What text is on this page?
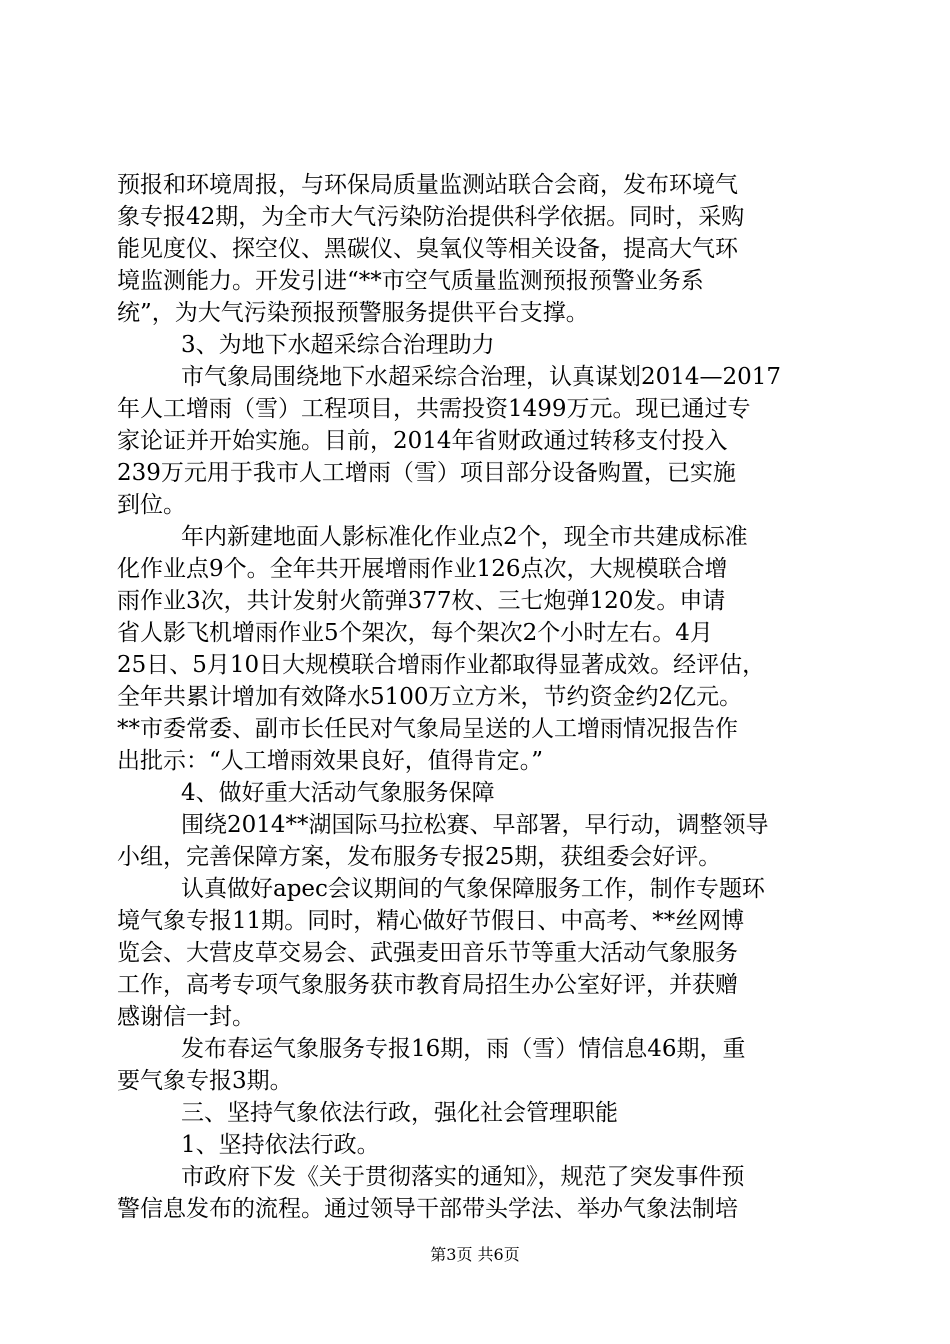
预报和环境周报，与环保局质量监测站联合会商，发布环境气
象专报42期，为全市大气污染防治提供科学依据。同时，采购
能见度仪、探空仪、黑碳仪、臭氧仪等相关设备，提高大气环
境监测能力。开发引进“**市空气质量监测预报预警业务系
统”，为大气污染预报预警服务提供平台支撑。
3、为地下水超采综合治理助力
市气象局围绕地下水超采综合治理，认真谋划2014—2017
年人工增雨（雪）工程项目，共需投资1499万元。现已通过专
家论证并开始实施。目前，2014年省财政通过转移支付投入
239万元用于我市人工增雨（雪）项目部分设备购置，已实施
到位。
年内新建地面人影标准化作业点2个，现全市共建成标准
化作业点9个。全年共开展增雨作业126点次，大规模联合增
雨作业3次，共计发射火箭弹377枚、三七炮弹120发。申请
省人影飞机增雨作业5个架次，每个架次2个小时左右。4月
25日、5月10日大规模联合增雨作业都取得显著成效。经评估，
全年共累计增加有效降水5100万立方米，节约资金约2亿元。
**市委常委、副市长任民对气象局呈送的人工增雨情况报告作
出批示：“人工增雨效果良好，值得肯定。”
4、做好重大活动气象服务保障
围绕2014**湖国际马拉松赛、早部署，早行动，调整领导
小组，完善保障方案，发布服务专报25期，获组委会好评。
认真做好apec会议期间的气象保障服务工作，制作专题环
境气象专报11期。同时，精心做好节假日、中高考、**丝网博
览会、大营皮草交易会、武强麦田音乐节等重大活动气象服务
工作，高考专项气象服务获市教育局招生办公室好评，并获赠
感谢信一封。
发布春运气象服务专报16期，雨（雪）情信息46期，重
要气象专报3期。
三、坚持气象依法行政，强化社会管理职能
1、坚持依法行政。
市政府下发《关于贯彻落实的通知》，规范了突发事件预
警信息发布的流程。通过领导干部带头学法、举办气象法制培
第3页 共6页
